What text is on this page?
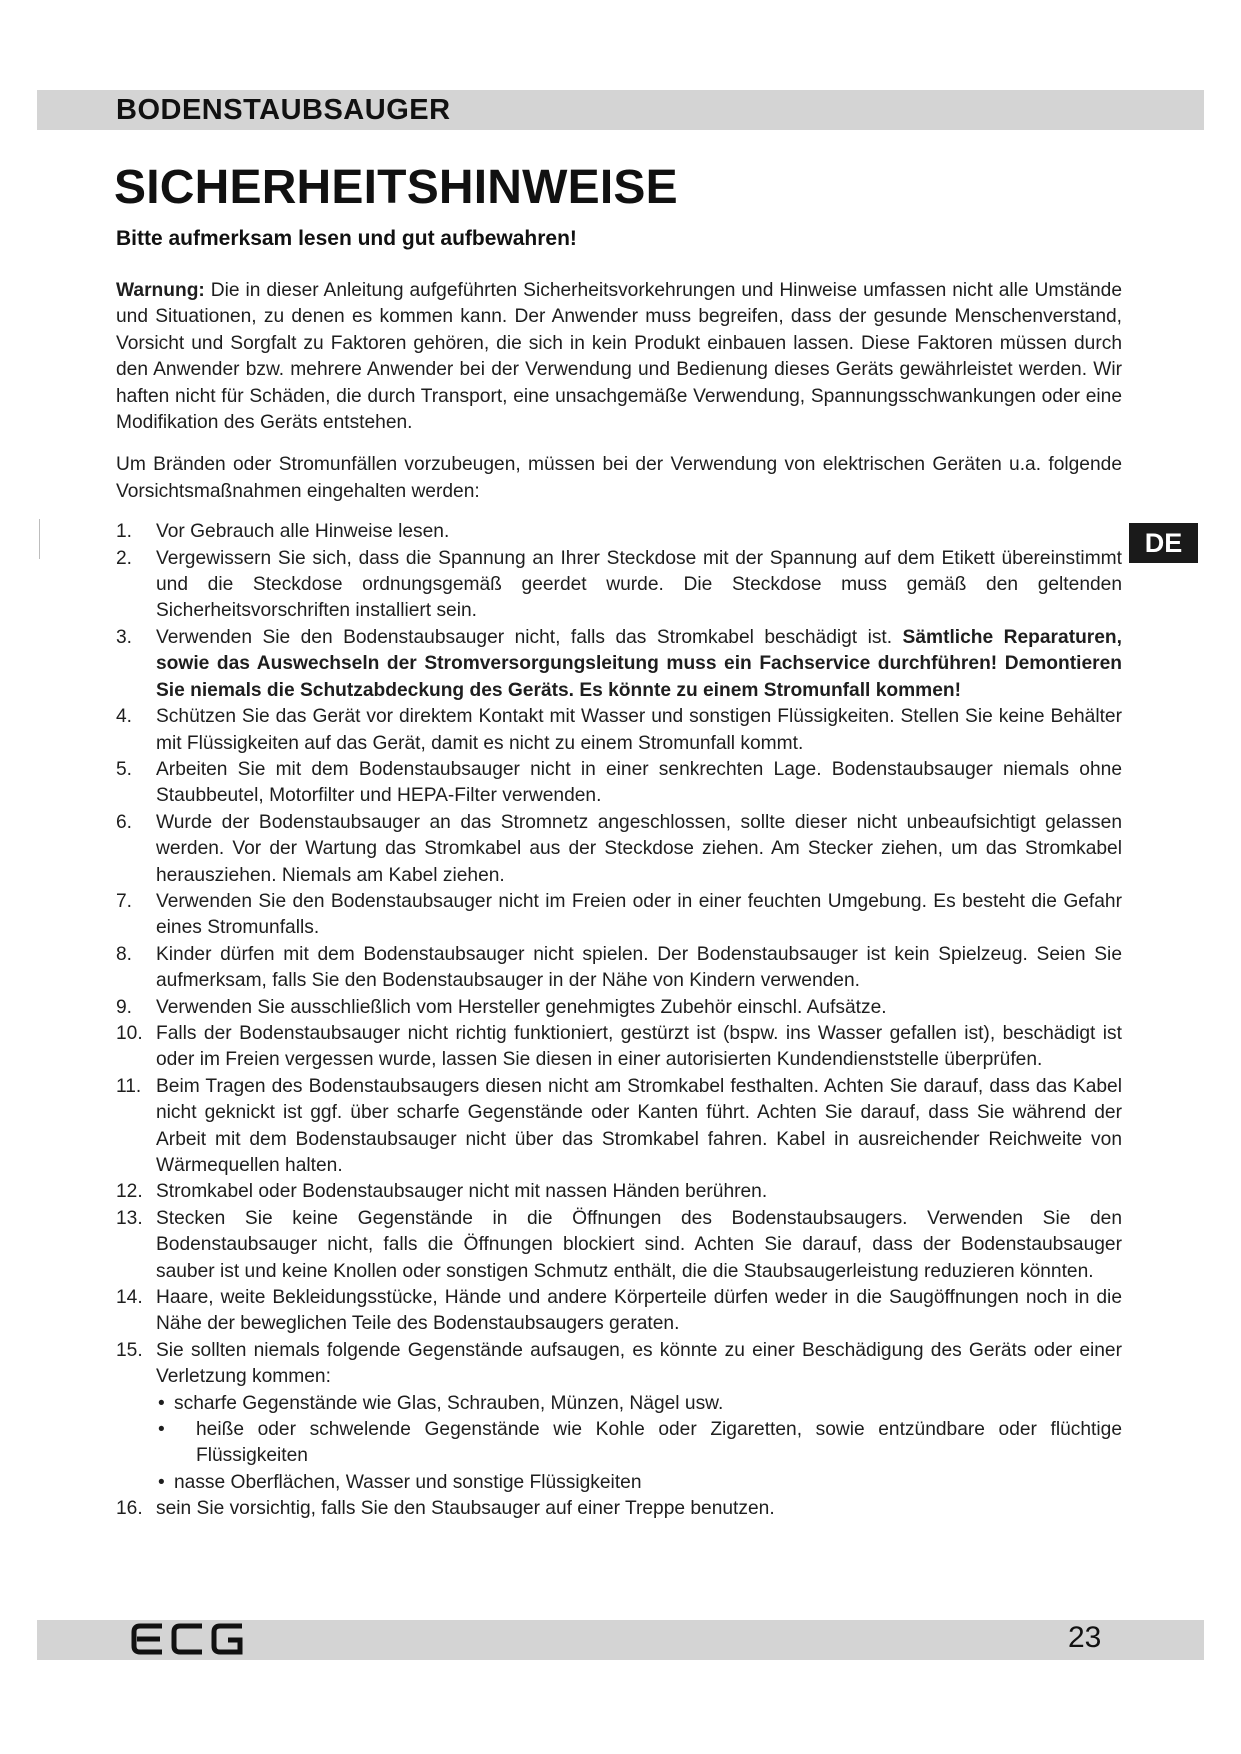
BODENSTAUBSAUGER
SICHERHEITSHINWEISE
Bitte aufmerksam lesen und gut aufbewahren!
DE

Warnung: Die in dieser Anleitung aufgeführten Sicherheitsvorkehrungen und Hinweise umfassen nicht alle Umstände und Situationen, zu denen es kommen kann. Der Anwender muss begreifen, dass der gesunde Menschenverstand, Vorsicht und Sorgfalt zu Faktoren gehören, die sich in kein Produkt einbauen lassen. Diese Faktoren müssen durch den Anwender bzw. mehrere Anwender bei der Verwendung und Bedienung dieses Geräts gewährleistet werden. Wir haften nicht für Schäden, die durch Transport, eine unsachgemäße Verwendung, Spannungsschwankungen oder eine Modifikation des Geräts entstehen.

Um Bränden oder Stromunfällen vorzubeugen, müssen bei der Verwendung von elektrischen Geräten u.a. folgende Vorsichtsmaßnahmen eingehalten werden:

1. Vor Gebrauch alle Hinweise lesen.
2. Vergewissern Sie sich, dass die Spannung an Ihrer Steckdose mit der Spannung auf dem Etikett übereinstimmt und die Steckdose ordnungsgemäß geerdet wurde. Die Steckdose muss gemäß den geltenden Sicherheitsvorschriften installiert sein.
3. Verwenden Sie den Bodenstaubsauger nicht, falls das Stromkabel beschädigt ist. Sämtliche Reparaturen, sowie das Auswechseln der Stromversorgungsleitung muss ein Fachservice durchführen! Demontieren Sie niemals die Schutzabdeckung des Geräts. Es könnte zu einem Stromunfall kommen!
4. Schützen Sie das Gerät vor direktem Kontakt mit Wasser und sonstigen Flüssigkeiten. Stellen Sie keine Behälter mit Flüssigkeiten auf das Gerät, damit es nicht zu einem Stromunfall kommt.
5. Arbeiten Sie mit dem Bodenstaubsauger nicht in einer senkrechten Lage. Bodenstaubsauger niemals ohne Staubbeutel, Motorfilter und HEPA-Filter verwenden.
6. Wurde der Bodenstaubsauger an das Stromnetz angeschlossen, sollte dieser nicht unbeaufsichtigt gelassen werden. Vor der Wartung das Stromkabel aus der Steckdose ziehen. Am Stecker ziehen, um das Stromkabel herausziehen. Niemals am Kabel ziehen.
7. Verwenden Sie den Bodenstaubsauger nicht im Freien oder in einer feuchten Umgebung. Es besteht die Gefahr eines Stromunfalls.
8. Kinder dürfen mit dem Bodenstaubsauger nicht spielen. Der Bodenstaubsauger ist kein Spielzeug. Seien Sie aufmerksam, falls Sie den Bodenstaubsauger in der Nähe von Kindern verwenden.
9. Verwenden Sie ausschließlich vom Hersteller genehmigtes Zubehör einschl. Aufsätze.
10. Falls der Bodenstaubsauger nicht richtig funktioniert, gestürzt ist (bspw. ins Wasser gefallen ist), beschädigt ist oder im Freien vergessen wurde, lassen Sie diesen in einer autorisierten Kundendienststelle überprüfen.
11. Beim Tragen des Bodenstaubsaugers diesen nicht am Stromkabel festhalten. Achten Sie darauf, dass das Kabel nicht geknickt ist ggf. über scharfe Gegenstände oder Kanten führt. Achten Sie darauf, dass Sie während der Arbeit mit dem Bodenstaubsauger nicht über das Stromkabel fahren. Kabel in ausreichender Reichweite von Wärmequellen halten.
12. Stromkabel oder Bodenstaubsauger nicht mit nassen Händen berühren.
13. Stecken Sie keine Gegenstände in die Öffnungen des Bodenstaubsaugers. Verwenden Sie den Bodenstaubsauger nicht, falls die Öffnungen blockiert sind. Achten Sie darauf, dass der Bodenstaubsauger sauber ist und keine Knollen oder sonstigen Schmutz enthält, die die Staubsaugerleistung reduzieren könnten.
14. Haare, weite Bekleidungsstücke, Hände und andere Körperteile dürfen weder in die Saugöffnungen noch in die Nähe der beweglichen Teile des Bodenstaubsaugers geraten.
15. Sie sollten niemals folgende Gegenstände aufsaugen, es könnte zu einer Beschädigung des Geräts oder einer Verletzung kommen:
• scharfe Gegenstände wie Glas, Schrauben, Münzen, Nägel usw.
• heiße oder schwelende Gegenstände wie Kohle oder Zigaretten, sowie entzündbare oder flüchtige Flüssigkeiten
• nasse Oberflächen, Wasser und sonstige Flüssigkeiten
16. sein Sie vorsichtig, falls Sie den Staubsauger auf einer Treppe benutzen.
23
